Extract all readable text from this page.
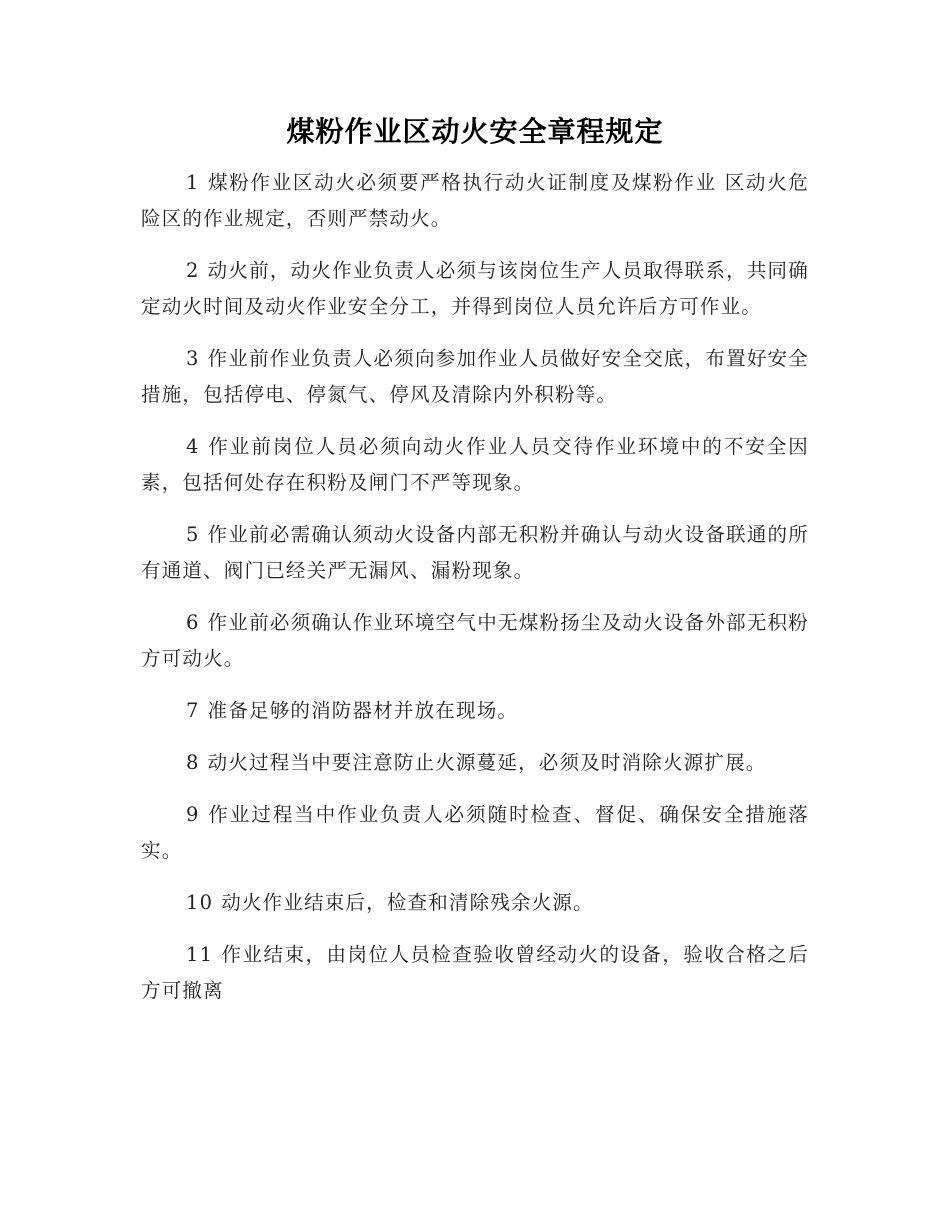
煤粉作业区动火安全章程规定

1 煤粉作业区动火必须要严格执行动火证制度及煤粉作业 区动火危险区的作业规定，否则严禁动火。

2 动火前，动火作业负责人必须与该岗位生产人员取得联系，共同确定动火时间及动火作业安全分工，并得到岗位人员允许后方可作业。

3 作业前作业负责人必须向参加作业人员做好安全交底，布置好安全措施，包括停电、停氮气、停风及清除内外积粉等。

4 作业前岗位人员必须向动火作业人员交待作业环境中的不安全因素，包括何处存在积粉及闸门不严等现象。

5 作业前必需确认须动火设备内部无积粉并确认与动火设备联通的所有通道、阀门已经关严无漏风、漏粉现象。

6 作业前必须确认作业环境空气中无煤粉扬尘及动火设备外部无积粉方可动火。

7 准备足够的消防器材并放在现场。

8 动火过程当中要注意防止火源蔓延，必须及时消除火源扩展。

9 作业过程当中作业负责人必须随时检查、督促、确保安全措施落实。

10 动火作业结束后，检查和清除残余火源。

11 作业结束，由岗位人员检查验收曾经动火的设备，验收合格之后方可撤离
